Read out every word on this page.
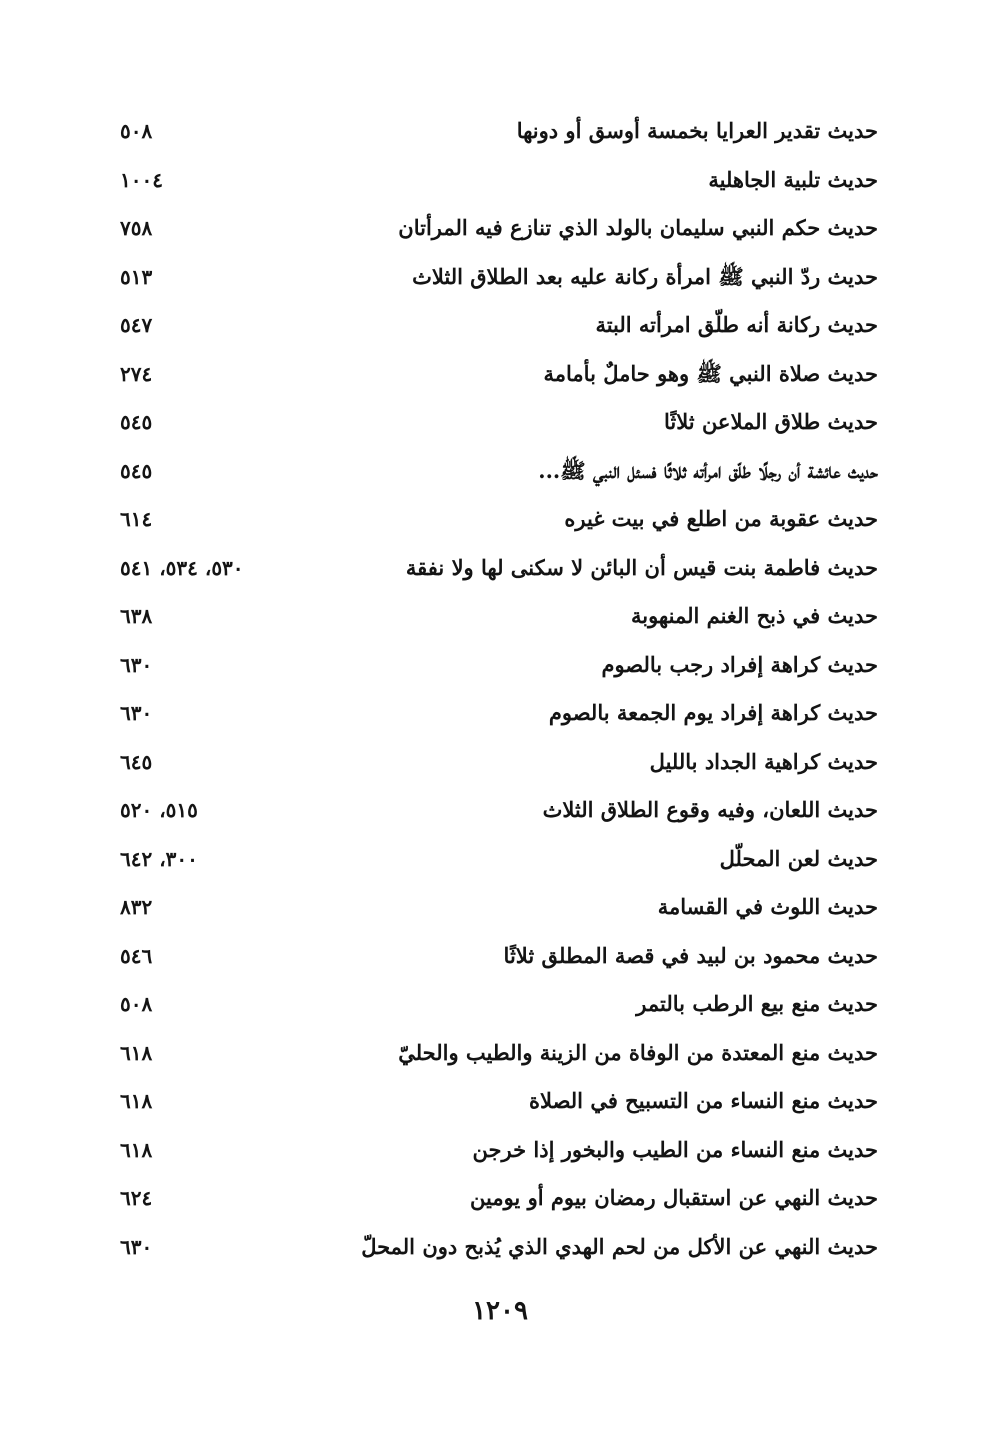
حديث تقدير العرايا بخمسة أوسق أو دونها
٥٠٨
حديث تلبية الجاهلية
١٠٠٤
حديث حكم النبي سليمان بالولد الذي تنازع فيه المرأتان
٧٥٨
حديث ردّ النبي ﷺ امرأة ركانة عليه بعد الطلاق الثلاث
٥١٣
حديث ركانة أنه طلّق امرأته البتة
٥٤٧
حديث صلاة النبي ﷺ وهو حاملٌ بأمامة
٢٧٤
حديث طلاق الملاعن ثلاثًا
٥٤٥
حديث عائشة أن رجلًا طلّق امرأته ثلاثًا فسئل النبي ﷺ...
٥٤٥
حديث عقوبة من اطلع في بيت غيره
٦١٤
حديث فاطمة بنت قيس أن البائن لا سكنى لها ولا نفقة
٥٣٠، ٥٣٤، ٥٤١
حديث في ذبح الغنم المنهوبة
٦٣٨
حديث كراهة إفراد رجب بالصوم
٦٣٠
حديث كراهة إفراد يوم الجمعة بالصوم
٦٣٠
حديث كراهية الجداد بالليل
٦٤٥
حديث اللعان، وفيه وقوع الطلاق الثلاث
٥١٥، ٥٢٠
حديث لعن المحلّل
٣٠٠، ٦٤٢
حديث اللوث في القسامة
٨٣٢
حديث محمود بن لبيد في قصة المطلق ثلاثًا
٥٤٦
حديث منع بيع الرطب بالتمر
٥٠٨
حديث منع المعتدة من الوفاة من الزينة والطيب والحليّ
٦١٨
حديث منع النساء من التسبيح في الصلاة
٦١٨
حديث منع النساء من الطيب والبخور إذا خرجن
٦١٨
حديث النهي عن استقبال رمضان بيوم أو يومين
٦٢٤
حديث النهي عن الأكل من لحم الهدي الذي يُذبح دون المحلّ
٦٣٠
١٢٠٩
